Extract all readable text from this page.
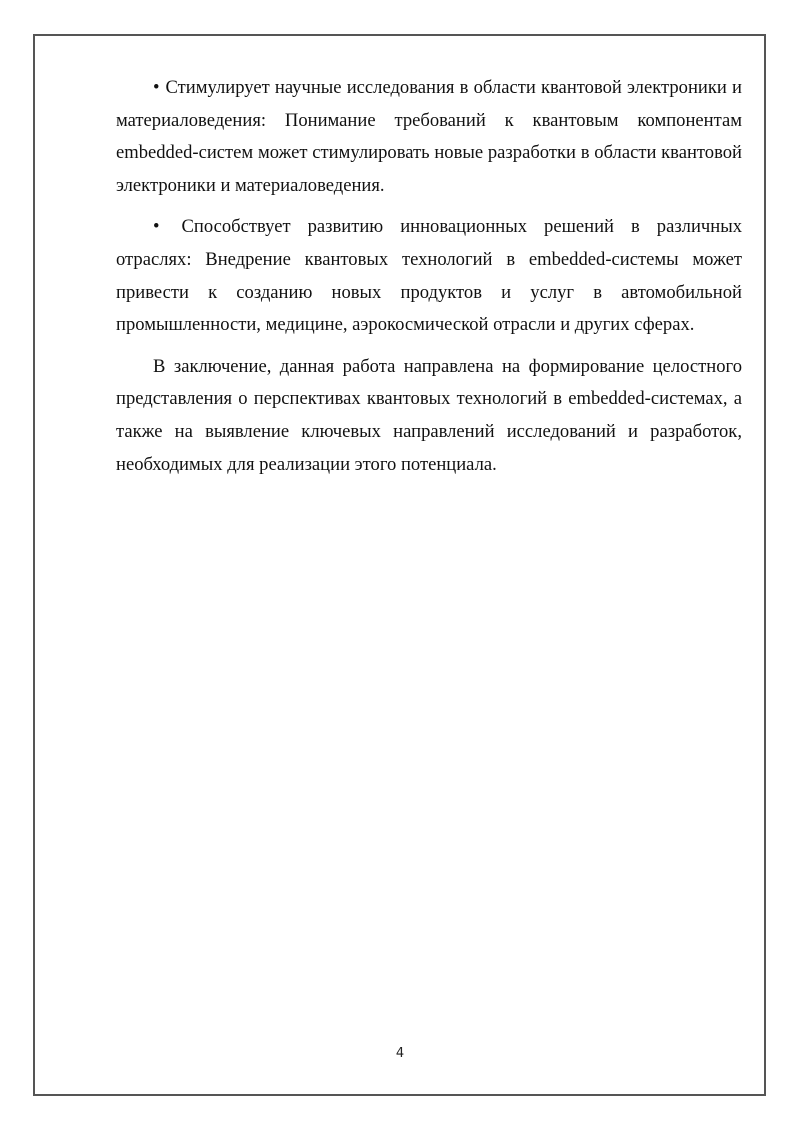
• Стимулирует научные исследования в области квантовой электроники и материаловедения: Понимание требований к квантовым компонентам embedded-систем может стимулировать новые разработки в области квантовой электроники и материаловедения.

• Способствует развитию инновационных решений в различных отраслях: Внедрение квантовых технологий в embedded-системы может привести к созданию новых продуктов и услуг в автомобильной промышленности, медицине, аэрокосмической отрасли и других сферах.

В заключение, данная работа направлена на формирование целостного представления о перспективах квантовых технологий в embedded-системах, а также на выявление ключевых направлений исследований и разработок, необходимых для реализации этого потенциала.

4
